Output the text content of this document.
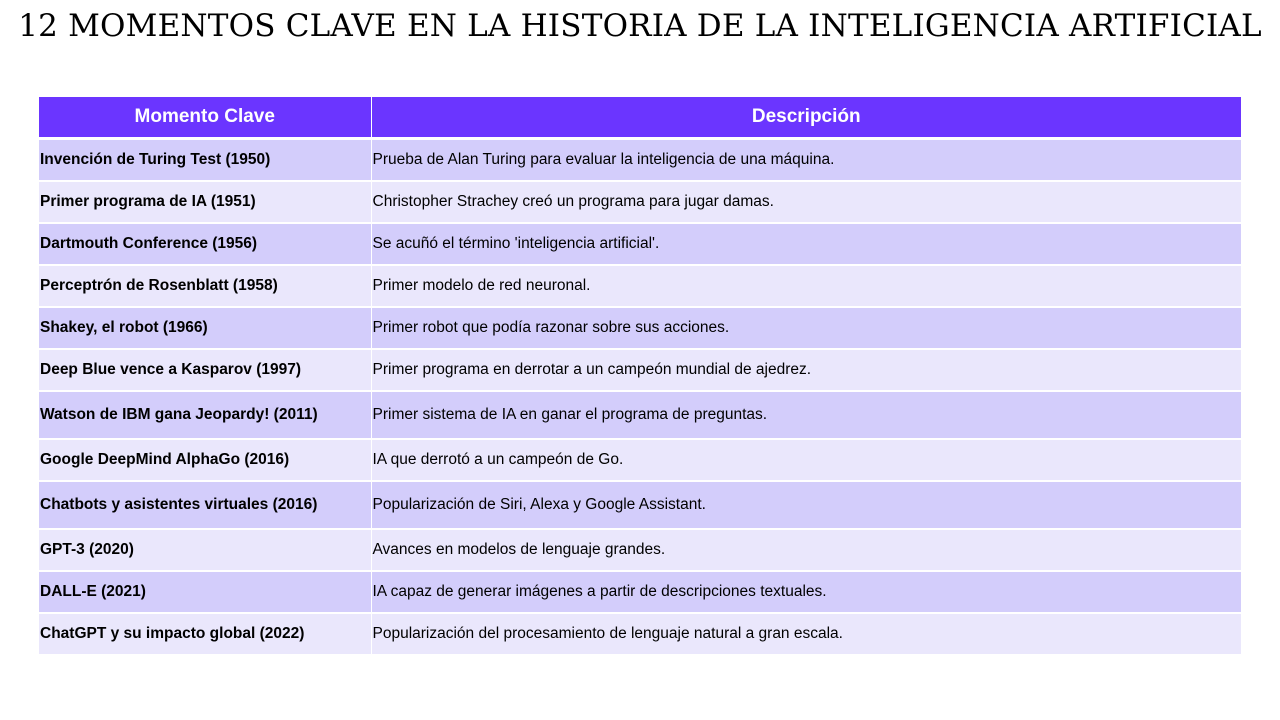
12 MOMENTOS CLAVE EN LA HISTORIA DE LA INTELIGENCIA ARTIFICIAL
Momento Clave	Descripción
Invención de Turing Test (1950)	Prueba de Alan Turing para evaluar la inteligencia de una máquina.
Primer programa de IA (1951)	Christopher Strachey creó un programa para jugar damas.
Dartmouth Conference (1956)	Se acuñó el término 'inteligencia artificial'.
Perceptrón de Rosenblatt (1958)	Primer modelo de red neuronal.
Shakey, el robot (1966)	Primer robot que podía razonar sobre sus acciones.
Deep Blue vence a Kasparov (1997)	Primer programa en derrotar a un campeón mundial de ajedrez.
Watson de IBM gana Jeopardy! (2011)	Primer sistema de IA en ganar el programa de preguntas.
Google DeepMind AlphaGo (2016)	IA que derrotó a un campeón de Go.
Chatbots y asistentes virtuales (2016)	Popularización de Siri, Alexa y Google Assistant.
GPT-3 (2020)	Avances en modelos de lenguaje grandes.
DALL-E (2021)	IA capaz de generar imágenes a partir de descripciones textuales.
ChatGPT y su impacto global (2022)	Popularización del procesamiento de lenguaje natural a gran escala.
